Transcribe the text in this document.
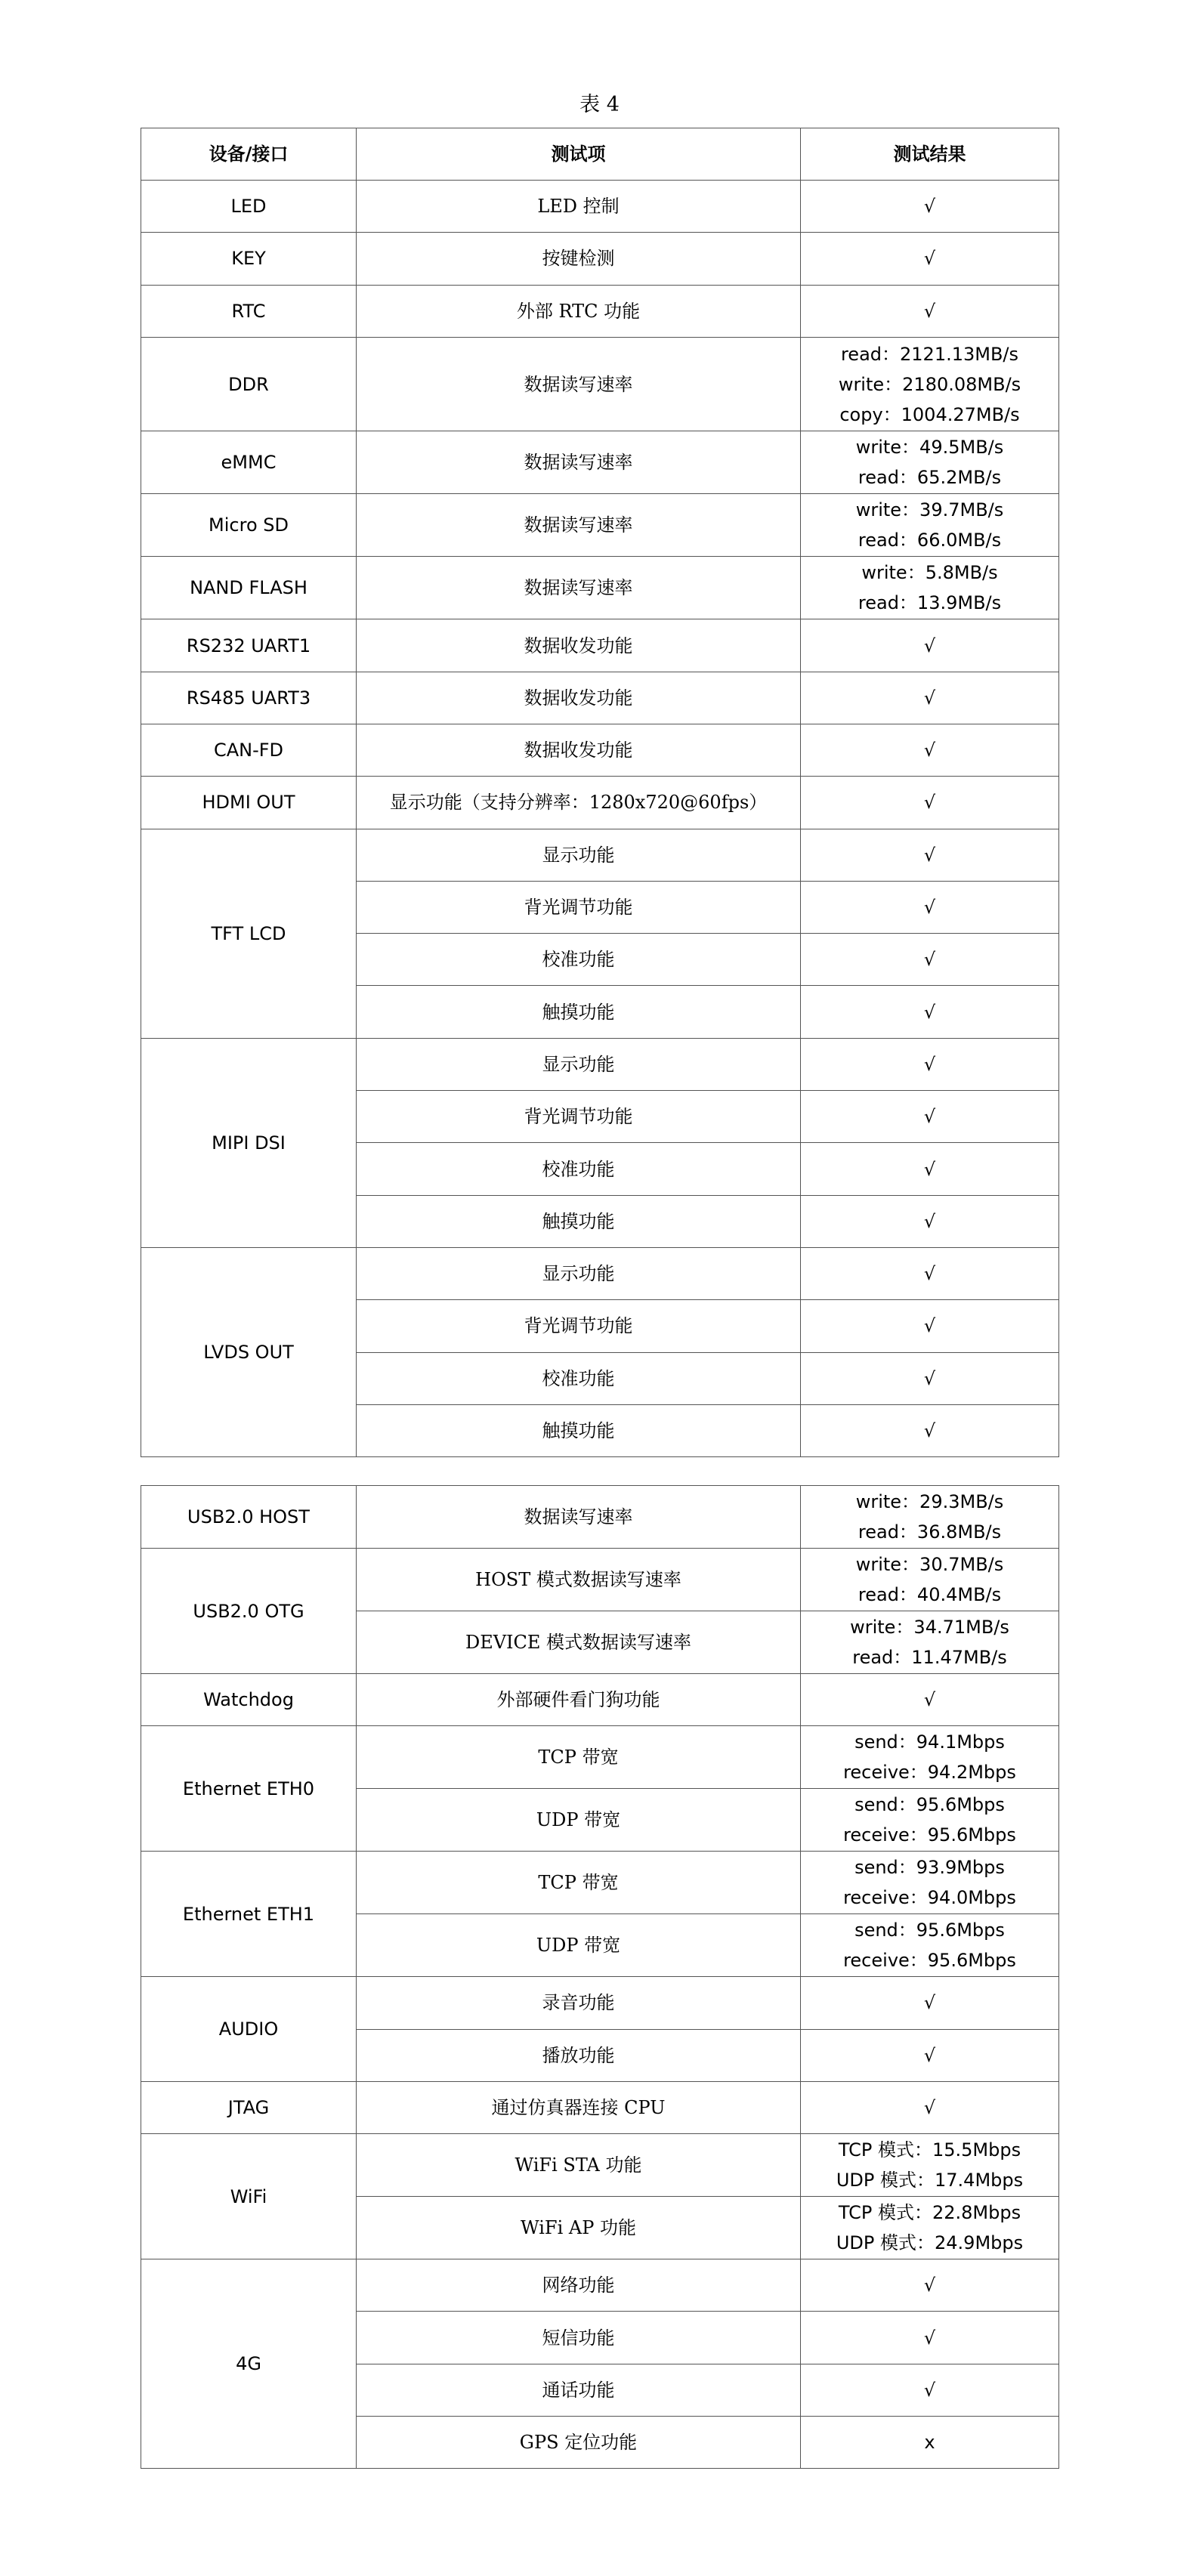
表 4
设备/接口	测试项	测试结果
LED	LED 控制	√

KEY	按键检测	√

RTC	外部 RTC 功能	√

DDR	数据读写速率	read：2121.13MB/s
write：2180.08MB/s
copy：1004.27MB/s

eMMC	数据读写速率	write：49.5MB/s
read：65.2MB/s

Micro SD	数据读写速率	write：39.7MB/s
read：66.0MB/s

NAND FLASH	数据读写速率	write：5.8MB/s
read：13.9MB/s

RS232 UART1	数据收发功能	√

RS485 UART3	数据收发功能	√

CAN-FD	数据收发功能	√

HDMI OUT	显示功能（支持分辨率：1280x720@60fps）	√

TFT LCD	显示功能	√

	背光调节功能	√

	校准功能	√

	触摸功能	√

MIPI DSI	显示功能	√

	背光调节功能	√

	校准功能	√

	触摸功能	√

LVDS OUT	显示功能	√

	背光调节功能	√

	校准功能	√

	触摸功能	√
USB2.0 HOST	数据读写速率	write：29.3MB/s
read：36.8MB/s

USB2.0 OTG	HOST 模式数据读写速率	write：30.7MB/s
read：40.4MB/s

	DEVICE 模式数据读写速率	write：34.71MB/s
read：11.47MB/s

Watchdog	外部硬件看门狗功能	√

Ethernet ETH0	TCP 带宽	send：94.1Mbps
receive：94.2Mbps

	UDP 带宽	send：95.6Mbps
receive：95.6Mbps

Ethernet ETH1	TCP 带宽	send：93.9Mbps
receive：94.0Mbps

	UDP 带宽	send：95.6Mbps
receive：95.6Mbps

AUDIO	录音功能	√

	播放功能	√

JTAG	通过仿真器连接 CPU	√

WiFi	WiFi STA 功能	TCP 模式：15.5Mbps
UDP 模式：17.4Mbps

	WiFi AP 功能	TCP 模式：22.8Mbps
UDP 模式：24.9Mbps

4G	网络功能	√

	短信功能	√

	通话功能	√

	GPS 定位功能	x
